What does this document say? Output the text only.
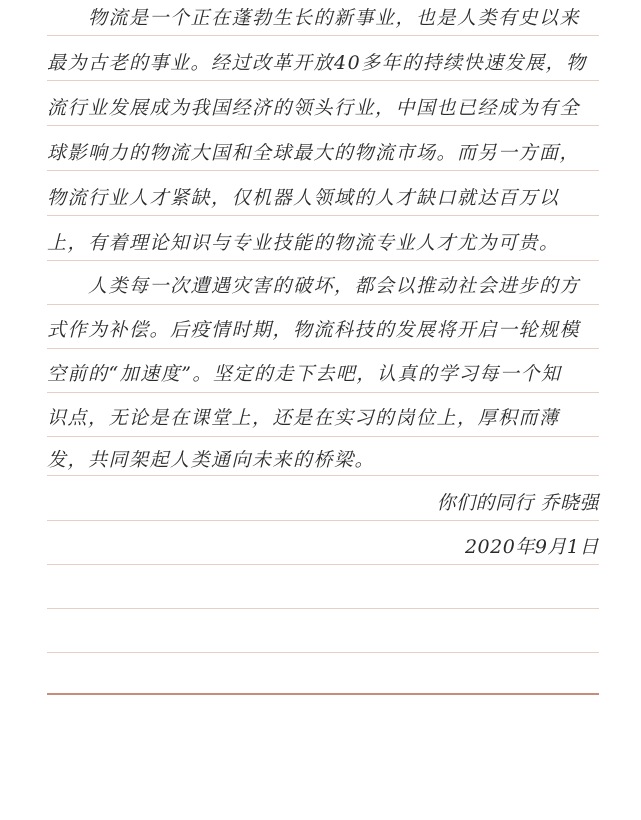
物流是一个正在蓬勃生长的新事业，也是人类有史以来
最为古老的事业。经过改革开放40多年的持续快速发展，物
流行业发展成为我国经济的领头行业，中国也已经成为有全
球影响力的物流大国和全球最大的物流市场。而另一方面，
物流行业人才紧缺，仅机器人领域的人才缺口就达百万以
上，有着理论知识与专业技能的物流专业人才尤为可贵。
人类每一次遭遇灾害的破坏，都会以推动社会进步的方
式作为补偿。后疫情时期，物流科技的发展将开启一轮规模
空前的“加速度”。坚定的走下去吧，认真的学习每一个知
识点，无论是在课堂上，还是在实习的岗位上，厚积而薄
发，共同架起人类通向未来的桥梁。
你们的同行 乔晓强
2020年9月1日
